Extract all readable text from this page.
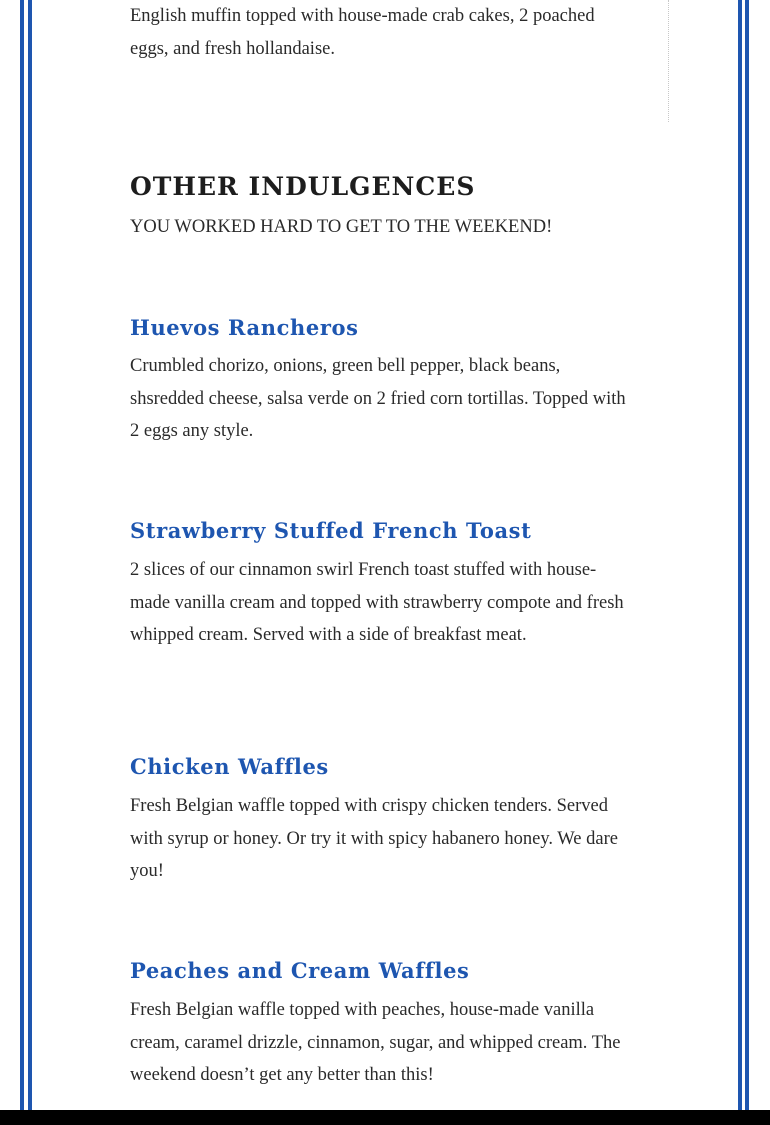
English muffin topped with house-made crab cakes, 2 poached eggs, and fresh hollandaise.

OTHER INDULGENCES

YOU WORKED HARD TO GET TO THE WEEKEND!

Huevos Rancheros

Crumbled chorizo, onions, green bell pepper, black beans, shsredded cheese, salsa verde on 2 fried corn tortillas. Topped with 2 eggs any style.

Strawberry Stuffed French Toast

2 slices of our cinnamon swirl French toast stuffed with house-made vanilla cream and topped with strawberry compote and fresh whipped cream. Served with a side of breakfast meat.

Chicken Waffles

Fresh Belgian waffle topped with crispy chicken tenders. Served with syrup or honey. Or try it with spicy habanero honey. We dare you!

Peaches and Cream Waffles

Fresh Belgian waffle topped with peaches, house-made vanilla cream, caramel drizzle, cinnamon, sugar, and whipped cream. The weekend doesn’t get any better than this!
